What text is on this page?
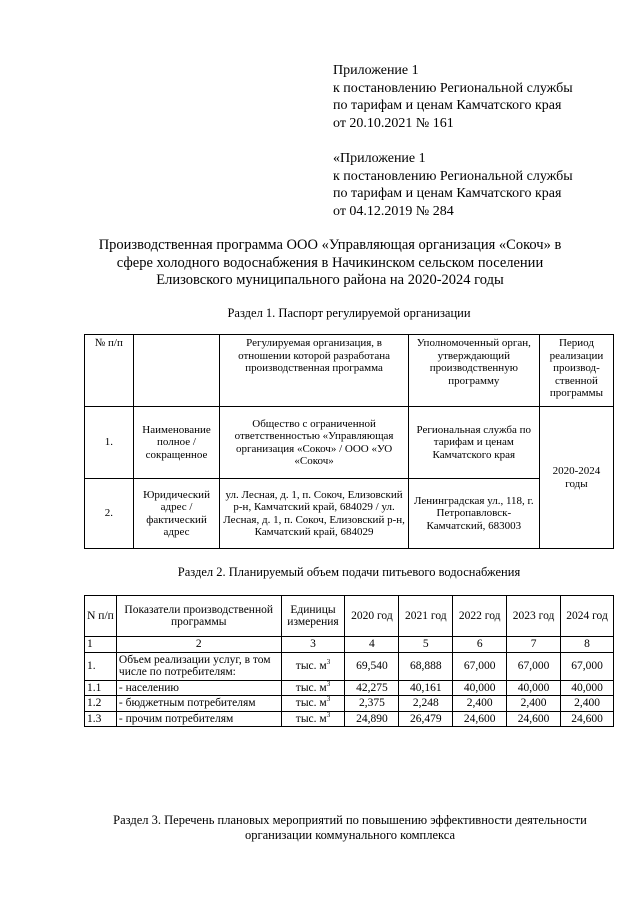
Приложение 1
к постановлению Региональной службы
по тарифам и ценам Камчатского края
от 20.10.2021 № 161
«Приложение 1
к постановлению Региональной службы
по тарифам и ценам Камчатского края
от 04.12.2019 № 284
Производственная программа ООО «Управляющая организация «Сокоч» в
сфере холодного водоснабжения в Начикинском сельском поселении
Елизовского муниципального района на 2020-2024 годы
Раздел 1. Паспорт регулируемой организации
№ п/п		Регулируемая организация, в отношении которой разработана производственная программа	Уполномоченный орган, утверждающий производственную программу	Период реализации производ-ственной программы
1.	Наименование полное / сокращенное	Общество с ограниченной ответственностью «Управляющая организация «Сокоч» / ООО «УО «Сокоч»	Региональная служба по тарифам и ценам Камчатского края	2020-2024 годы
2.	Юридический адрес / фактический адрес	ул. Лесная, д. 1, п. Сокоч, Елизовский р-н, Камчатский край, 684029 / ул. Лесная, д. 1, п. Сокоч, Елизовский р-н, Камчатский край, 684029	Ленинградская ул., 118, г. Петропавловск-Камчатский, 683003	
Раздел 2. Планируемый объем подачи питьевого водоснабжения
N п/п	Показатели производственной программы	Единицы измерения	2020 год	2021 год	2022 год	2023 год	2024 год
1	2	3	4	5	6	7	8
1.	Объем реализации услуг, в том числе по потребителям:	тыс. $м^3$	69,540	68,888	67,000	67,000	67,000
1.1	- населению	тыс. $м^3$	42,275	40,161	40,000	40,000	40,000
1.2	- бюджетным потребителям	тыс. $м^3$	2,375	2,248	2,400	2,400	2,400
1.3	- прочим потребителям	тыс. $м^3$	24,890	26,479	24,600	24,600	24,600
Раздел 3. Перечень плановых мероприятий по повышению эффективности деятельности
организации коммунального комплекса
